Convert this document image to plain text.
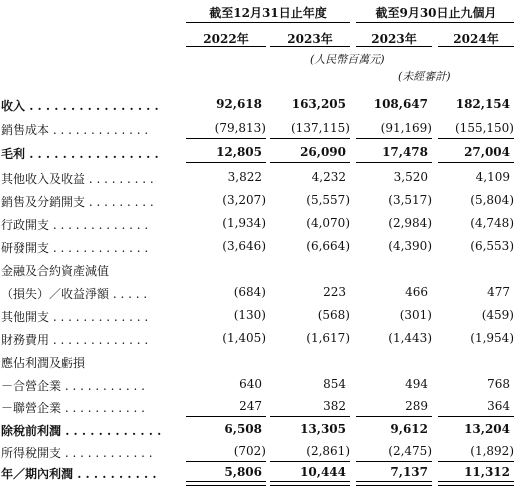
截至12月31日止年度	截至9月30日止九個月
2022年	2023年	2023年	2024年
(人民幣百萬元)
(未經審計)
收入 . . . . . . . . . . . . . . . .	92,618	163,205	108,647	182,154
銷售成本 . . . . . . . . . . . . .	(79,813)	(137,115)	(91,169)	(155,150)
毛利 . . . . . . . . . . . . . . . .	12,805	26,090	17,478	27,004
其他收入及收益 . . . . . . . . .	3,822	4,232	3,520	4,109
銷售及分銷開支 . . . . . . . . .	(3,207)	(5,557)	(3,517)	(5,804)
行政開支 . . . . . . . . . . . . .	(1,934)	(4,070)	(2,984)	(4,748)
研發開支 . . . . . . . . . . . . .	(3,646)	(6,664)	(4,390)	(6,553)
金融及合約資產減值
（損失）／收益淨額 . . . . .	(684)	223	466	477
其他開支 . . . . . . . . . . . . .	(130)	(568)	(301)	(459)
財務費用 . . . . . . . . . . . . .	(1,405)	(1,617)	(1,443)	(1,954)
應佔利潤及虧損
－合營企業 . . . . . . . . . . .	640	854	494	768
－聯營企業 . . . . . . . . . . .	247	382	289	364
除稅前利潤 . . . . . . . . . . . .	6,508	13,305	9,612	13,204
所得稅開支 . . . . . . . . . . . .	(702)	(2,861)	(2,475)	(1,892)
年／期內利潤 . . . . . . . . . .	5,806	10,444	7,137	11,312
